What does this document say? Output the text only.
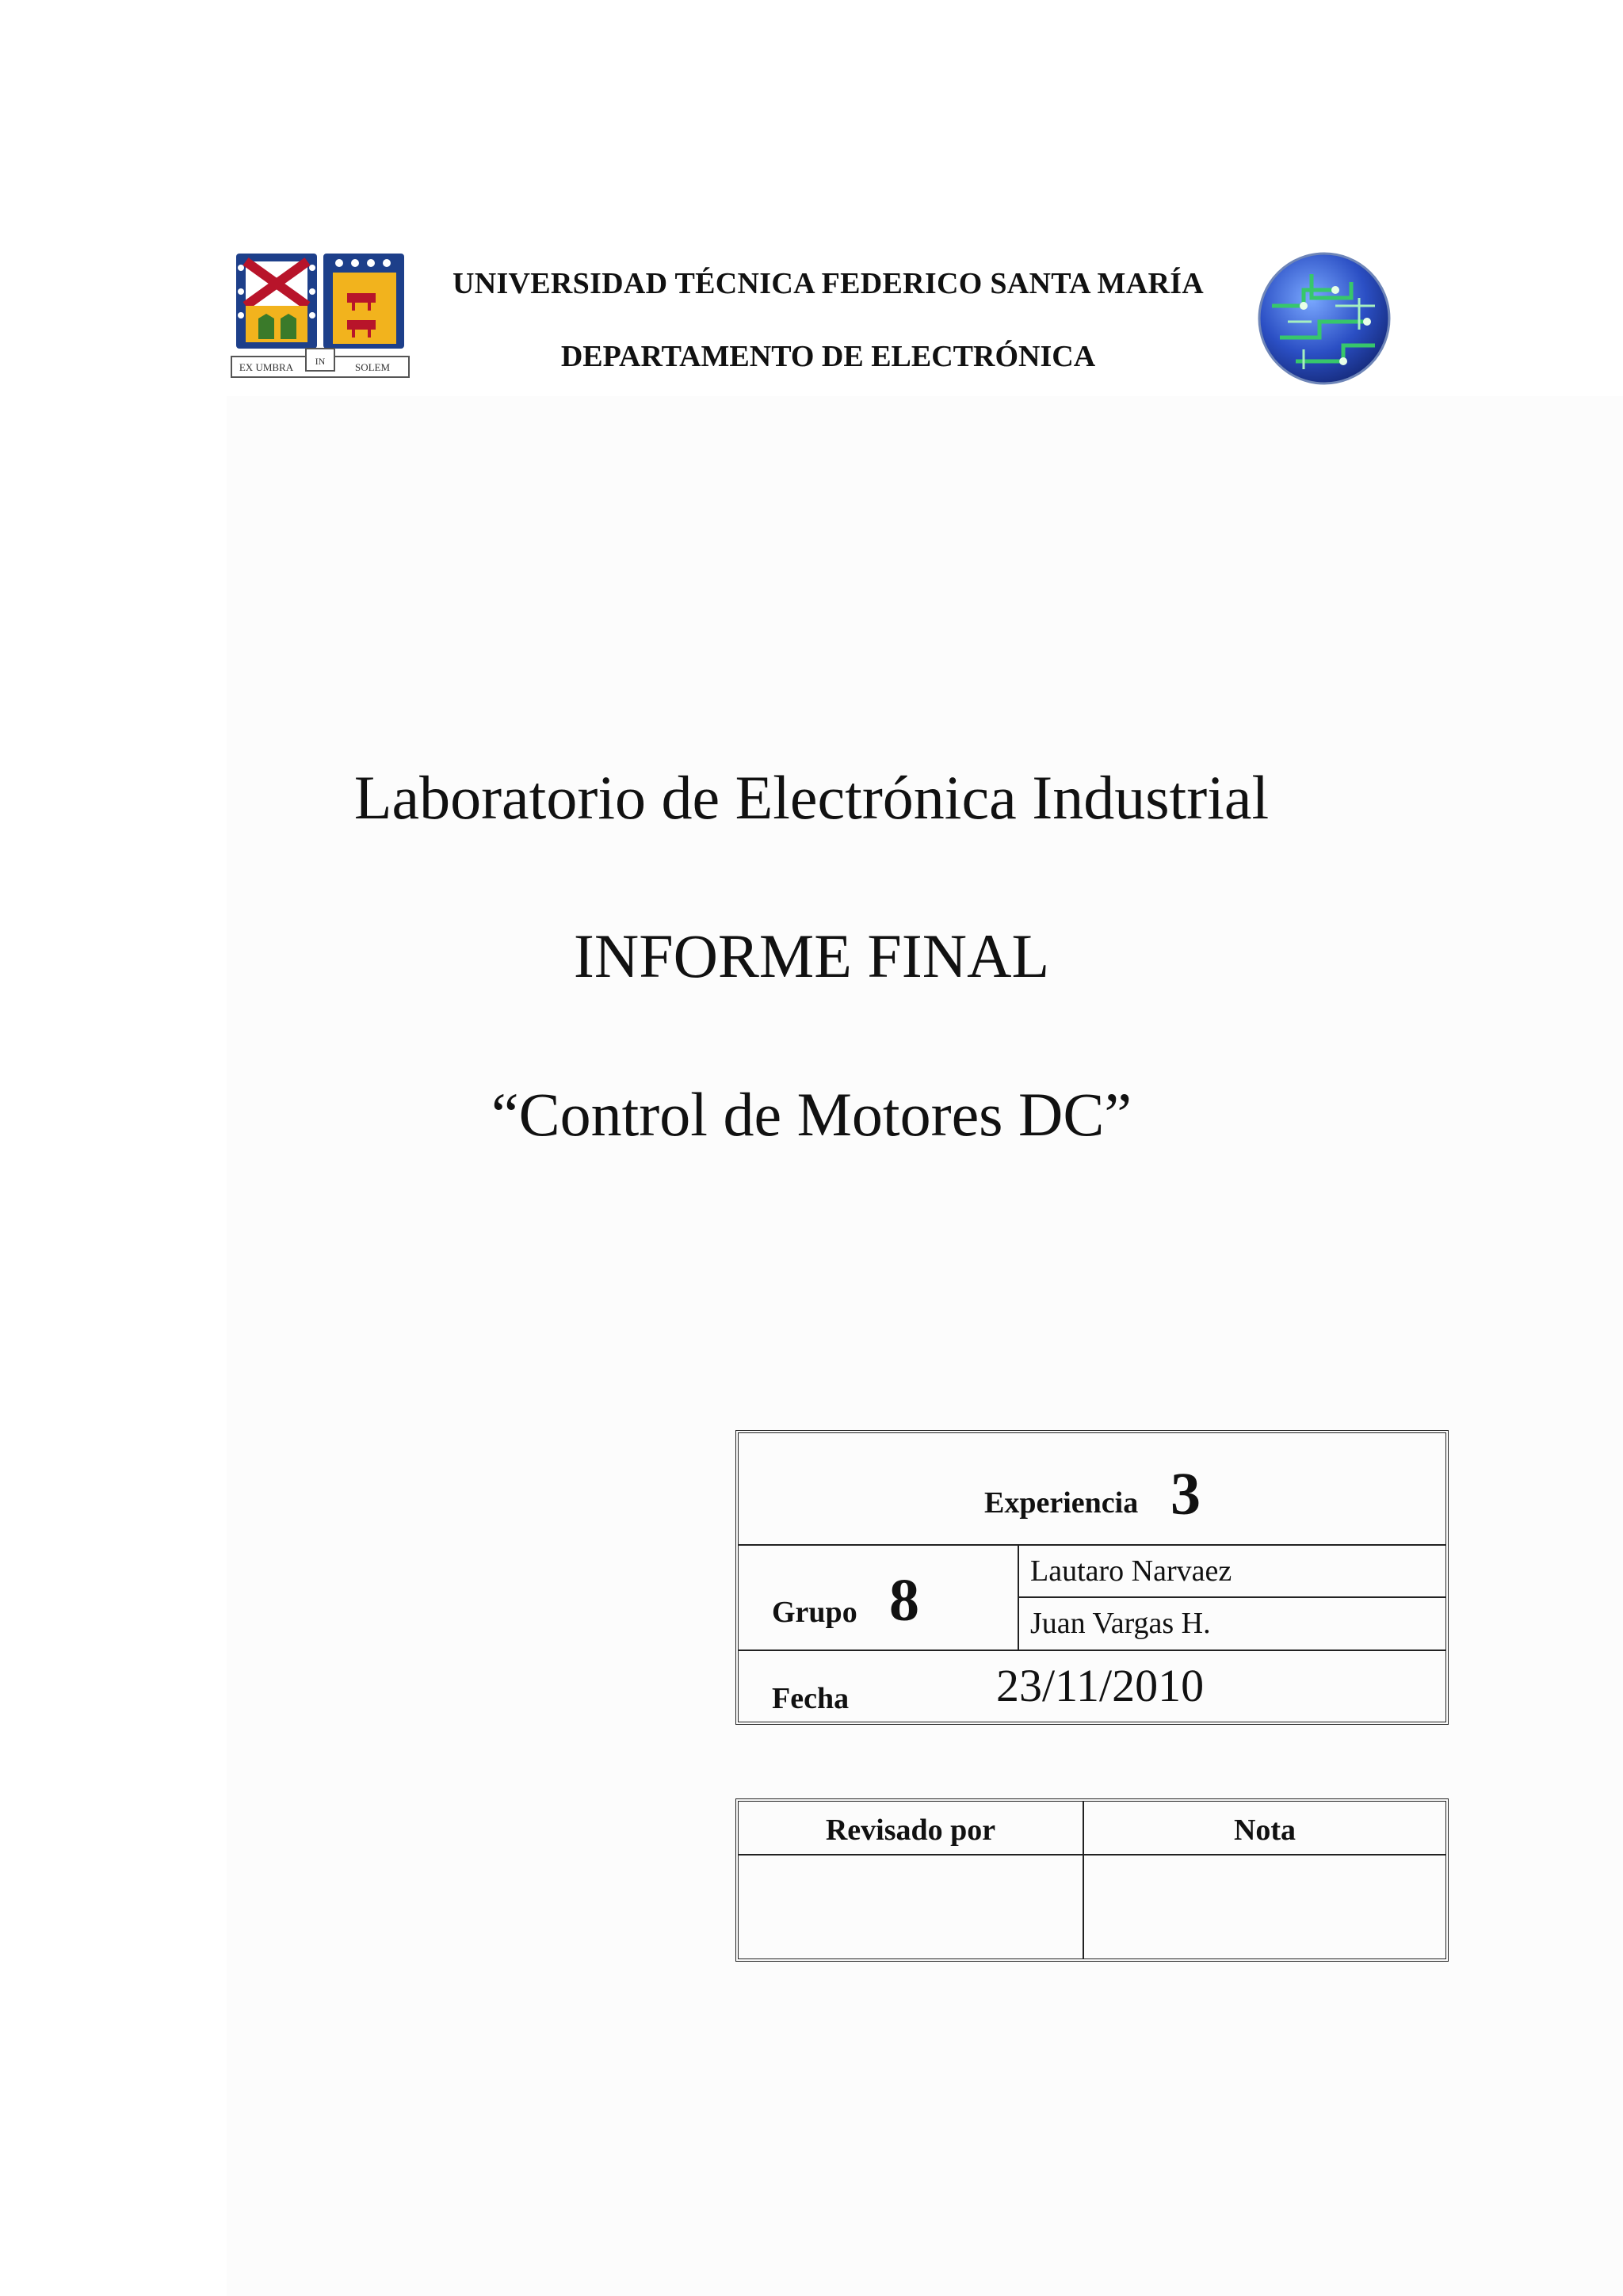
EX UMBRA IN	SOLEM
UNIVERSIDAD TÉCNICA FEDERICO SANTA MARÍA
DEPARTAMENTO DE ELECTRÓNICA
Laboratorio de Electrónica Industrial
INFORME FINAL
“Control de Motores DC”
Experiencia 3
Grupo 8	Lautaro Narvaez
Juan Vargas H.
Fecha	23/11/2010
Revisado por	Nota
